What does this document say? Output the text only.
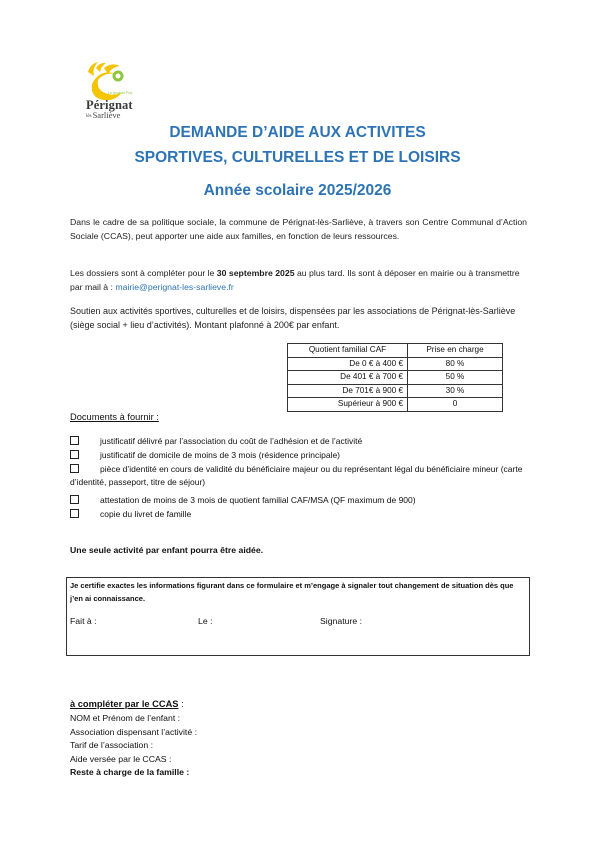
Le goût du Puy
Pérignat
lèsSarliève
DEMANDE D’AIDE AUX ACTIVITES
SPORTIVES, CULTURELLES ET DE LOISIRS
Année scolaire 2025/2026
Dans le cadre de sa politique sociale, la commune de Pérignat-lès-Sarliève, à travers son Centre Communal d’Action Sociale (CCAS), peut apporter une aide aux familles, en fonction de leurs ressources.
Les dossiers sont à compléter pour le 30 septembre 2025 au plus tard. Ils sont à déposer en mairie ou à transmettre par mail à : mairie@perignat-les-sarlieve.fr
Soutien aux activités sportives, culturelles et de loisirs, dispensées par les associations de Pérignat-lès-Sarliève (siège social + lieu d’activités). Montant plafonné à 200€ par enfant.
Quotient familial CAF	Prise en charge
De 0 € à 400 €	80 %
De 401 € à 700 €	50 %
De 701€ à 900 €	30 %
Supérieur à 900 €	0
Documents à fournir :
justificatif délivré par l’association du coût de l’adhésion et de l’activité
justificatif de domicile de moins de 3 mois (résidence principale)
pièce d’identité en cours de validité du bénéficiaire majeur ou du représentant légal du bénéficiaire mineur (carte d’identité, passeport, titre de séjour)
attestation de moins de 3 mois de quotient familial CAF/MSA (QF maximum de 900)
copie du livret de famille
Une seule activité par enfant pourra être aidée.
Je certifie exactes les informations figurant dans ce formulaire et m’engage à signaler tout changement de situation dès que j’en ai connaissance.
Fait à :	Le :	Signature :
à compléter par le CCAS :
NOM et Prénom de l’enfant :
Association dispensant l’activité :
Tarif de l’association :
Aide versée par le CCAS :
Reste à charge de la famille :
